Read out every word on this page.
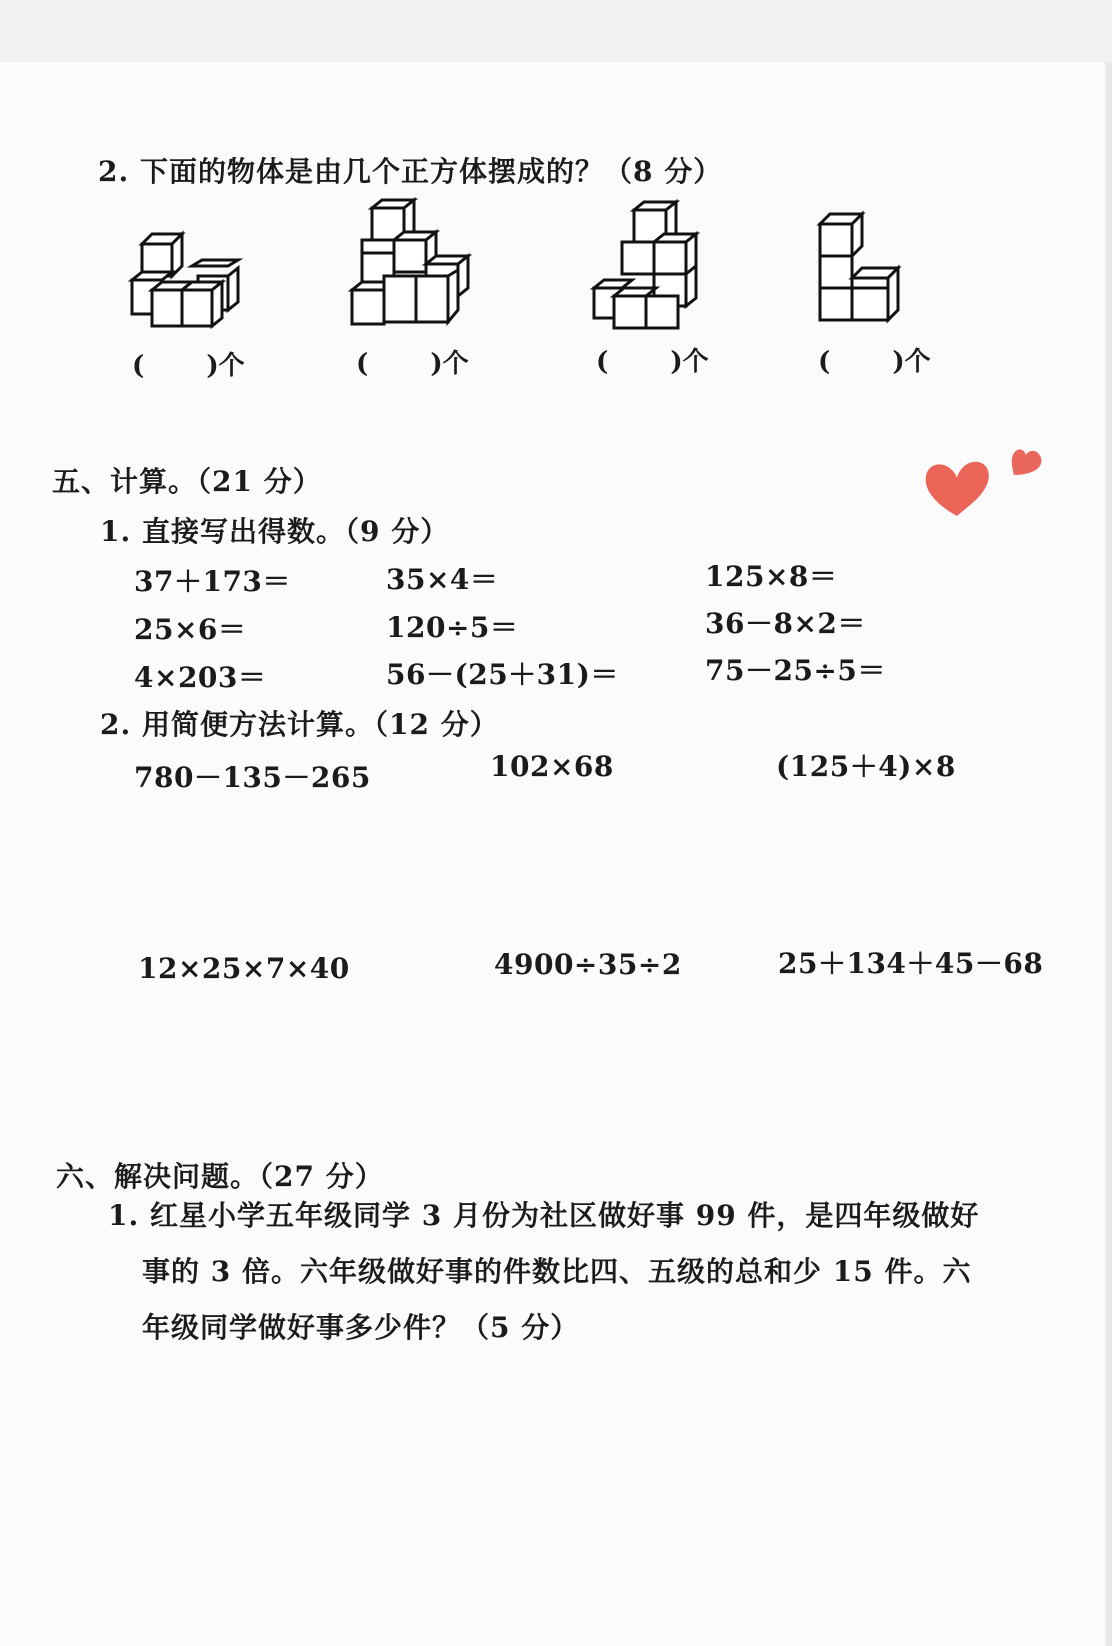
2. 下面的物体是由几个正方体摆成的？（8 分）
( )个	( )个	( )个	( )个
五、计算。（21 分）
1. 直接写出得数。（9 分）
37＋173＝	35×4＝	125×8＝
25×6＝	120÷5＝	36－8×2＝
4×203＝	56－(25＋31)＝	75－25÷5＝
2. 用简便方法计算。（12 分）
780－135－265	102×68	(125＋4)×8
12×25×7×40	4900÷35÷2	25＋134＋45－68
六、解决问题。（27 分）
1. 红星小学五年级同学 3 月份为社区做好事 99 件，是四年级做好
事的 3 倍。六年级做好事的件数比四、五级的总和少 15 件。六
年级同学做好事多少件？（5 分）
